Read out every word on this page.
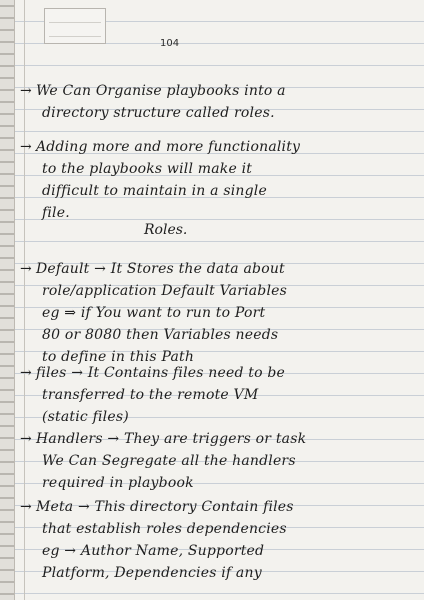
104
→ We Can Organise playbooks into a
directory structure called roles.
→ Adding more and more functionality
to the playbooks will make it
difficult to maintain in a single
file.
Roles.
→ Default → It Stores the data about
role/application Default Variables
eg ⇒ if You want to run to Port
80 or 8080 then Variables needs
to define in this Path
→ files → It Contains files need to be
transferred to the remote VM
(static files)
→ Handlers → They are triggers or task
We Can Segregate all the handlers
required in playbook
→ Meta → This directory Contain files
that establish roles dependencies
eg → Author Name, Supported
Platform, Dependencies if any
